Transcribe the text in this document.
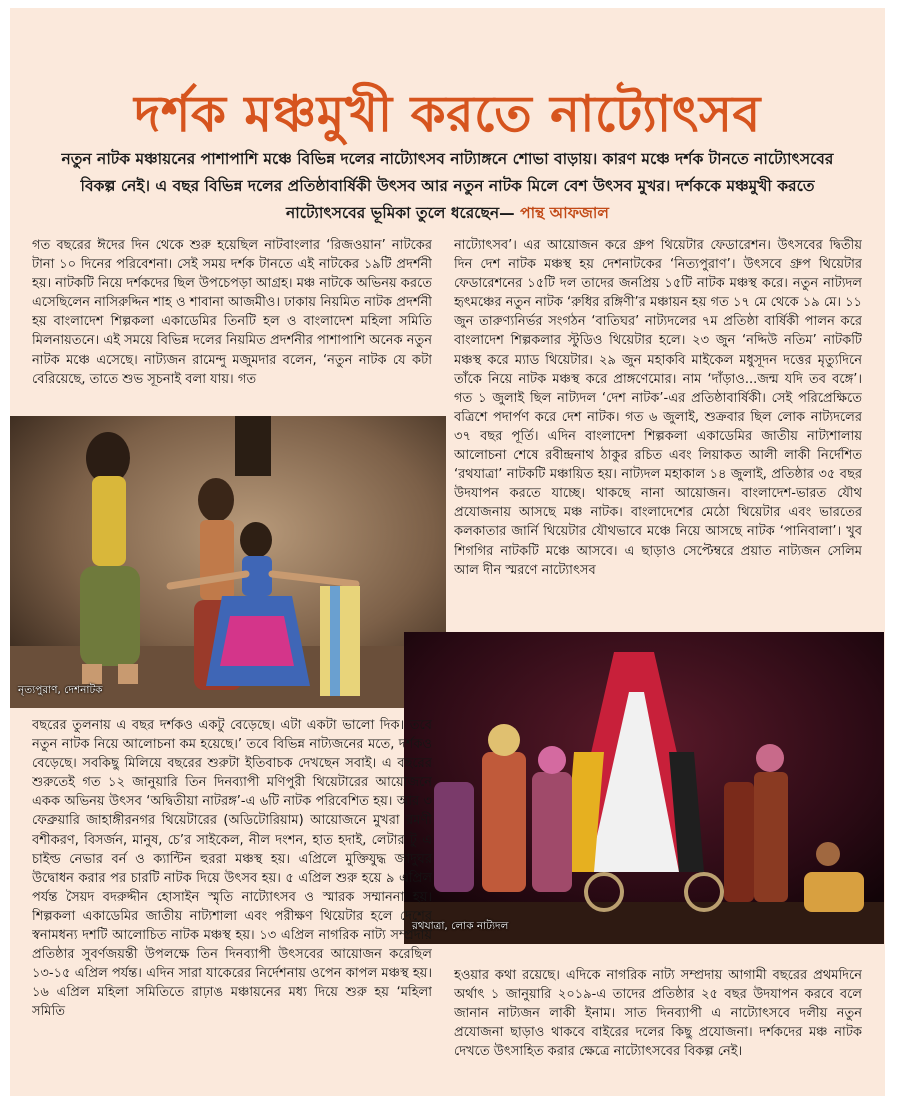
দর্শক মঞ্চমুখী করতে নাট্যোৎসব
নতুন নাটক মঞ্চায়নের পাশাপাশি মঞ্চে বিভিন্ন দলের নাট্যোৎসব নাট্যাঙ্গনে শোভা বাড়ায়। কারণ মঞ্চে দর্শক টানতে নাট্যোৎসবের বিকল্প নেই। এ বছর বিভিন্ন দলের প্রতিষ্ঠাবার্ষিকী উৎসব আর নতুন নাটক মিলে বেশ উৎসব মুখর। দর্শককে মঞ্চমুখী করতে নাট্যোৎসবের ভূমিকা তুলে ধরেছেন— পান্থ আফজাল

গত বছরের ঈদের দিন থেকে শুরু হয়েছিল নাটবাংলার ‘রিজওয়ান’ নাটকের টানা ১০ দিনের পরিবেশনা। সেই সময় দর্শক টানতে এই নাটকের ১৯টি প্রদর্শনী হয়। নাটকটি নিয়ে দর্শকদের ছিল উপচেপড়া আগ্রহ। মঞ্চ নাটকে অভিনয় করতে এসেছিলেন নাসিরুদ্দিন শাহ ও শাবানা আজমীও। ঢাকায় নিয়মিত নাটক প্রদর্শনী হয় বাংলাদেশ শিল্পকলা একাডেমির তিনটি হল ও বাংলাদেশ মহিলা সমিতি মিলনায়তনে। এই সময়ে বিভিন্ন দলের নিয়মিত প্রদর্শনীর পাশাপাশি অনেক নতুন নাটক মঞ্চে এসেছে। নাট্যজন রামেন্দু মজুমদার বলেন, ‘নতুন নাটক যে কটা বেরিয়েছে, তাতে শুভ সূচনাই বলা যায়। গত

নাট্যোৎসব’। এর আয়োজন করে গ্রুপ থিয়েটার ফেডারেশন। উৎসবের দ্বিতীয় দিন দেশ নাটক মঞ্চস্থ হয় দেশনাটকের ‘নিত্যপুরাণ’। উৎসবে গ্রুপ থিয়েটার ফেডারেশনের ১৫টি দল তাদের জনপ্রিয় ১৫টি নাটক মঞ্চস্থ করে। নতুন নাট্যদল হৃৎমঞ্চের নতুন নাটক ‘রুধির রঙ্গিণী’র মঞ্চায়ন হয় গত ১৭ মে থেকে ১৯ মে। ১১ জুন তারুণ্যনির্ভর সংগঠন ‘বাতিঘর’ নাট্যদলের ৭ম প্রতিষ্ঠা বার্ষিকী পালন করে বাংলাদেশ শিল্পকলার স্টুডিও থিয়েটার হলে। ২৩ জুন ‘নদ্দিউ নতিম’ নাটকটি মঞ্চস্থ করে ম্যাড থিয়েটার। ২৯ জুন মহাকবি মাইকেল মধুসূদন দত্তের মৃত্যুদিনে তাঁকে নিয়ে নাটক মঞ্চস্থ করে প্রাঙ্গণেমোর। নাম ‘দাঁড়াও...জন্ম যদি তব বঙ্গে’। গত ১ জুলাই ছিল নাট্যদল ‘দেশ নাটক’-এর প্রতিষ্ঠাবার্ষিকী। সেই পরিপ্রেক্ষিতে বত্রিশে পদার্পণ করে দেশ নাটক। গত ৬ জুলাই, শুক্রবার ছিল লোক নাট্যদলের ৩৭ বছর পূর্তি। এদিন বাংলাদেশ শিল্পকলা একাডেমির জাতীয় নাট্যশালায় আলোচনা শেষে রবীন্দ্রনাথ ঠাকুর রচিত এবং লিয়াকত আলী লাকী নির্দেশিত ‘রথযাত্রা’ নাটকটি মঞ্চায়িত হয়। নাট্যদল মহাকাল ১৪ জুলাই, প্রতিষ্ঠার ৩৫ বছর উদযাপন করতে যাচ্ছে। থাকছে নানা আয়োজন। বাংলাদেশ-ভারত যৌথ প্রযোজনায় আসছে মঞ্চ নাটক। বাংলাদেশের মেঠো থিয়েটার এবং ভারতের কলকাতার জার্নি থিয়েটার যৌথভাবে মঞ্চে নিয়ে আসছে নাটক ‘পানিবালা’। খুব শিগগির নাটকটি মঞ্চে আসবে। এ ছাড়াও সেপ্টেম্বরে প্রয়াত নাট্যজন সেলিম আল দীন স্মরণে নাট্যোৎসব

নৃত্যপুরাণ, দেশনাটক
রথযাত্রা, লোক নাট্যদল

বছরের তুলনায় এ বছর দর্শকও একটু বেড়েছে। এটা একটা ভালো দিক। তবে নতুন নাটক নিয়ে আলোচনা কম হয়েছে।’ তবে বিভিন্ন নাট্যজনের মতে, দর্শকও বেড়েছে। সবকিছু মিলিয়ে বছরের শুরুটা ইতিবাচক দেখছেন সবাই। এ বছরের শুরুতেই গত ১২ জানুয়ারি তিন দিনব্যাপী মণিপুরী থিয়েটারের আয়োজনে একক অভিনয় উৎসব ‘অদ্বিতীয়া নাটরঙ্গ’-এ ৬টি নাটক পরিবেশিত হয়। আর ৩ ফেব্রুয়ারি জাহাঙ্গীরনগর থিয়েটারের (অডিটোরিয়াম) আয়োজনে মুখরা রমণী বশীকরণ, বিসর্জন, মানুষ, চে’র সাইকেল, নীল দংশন, হাত হদাই, লেটার টু এ চাইল্ড নেভার বর্ন ও ক্যান্টিন হুররা মঞ্চস্থ হয়। এপ্রিলে মুক্তিযুদ্ধ জাদুঘর উদ্বোধন করার পর চারটি নাটক দিয়ে উৎসব হয়। ৫ এপ্রিল শুরু হয়ে ৯ এপ্রিল পর্যন্ত সৈয়দ বদরুদ্দীন হোসাইন স্মৃতি নাট্যোৎসব ও স্মারক সম্মাননা হয়। শিল্পকলা একাডেমির জাতীয় নাট্যশালা এবং পরীক্ষণ থিয়েটার হলে দেশের স্বনামধন্য দশটি আলোচিত নাটক মঞ্চস্থ হয়। ১৩ এপ্রিল নাগরিক নাট্য সম্প্রদায় প্রতিষ্ঠার সুবর্ণজয়ন্তী উপলক্ষে তিন দিনব্যাপী উৎসবের আয়োজন করেছিল ১৩-১৫ এপ্রিল পর্যন্ত। এদিন সারা যাকেরের নির্দেশনায় ওপেন কাপল মঞ্চস্থ হয়। ১৬ এপ্রিল মহিলা সমিতিতে রাঢ়াঙ মঞ্চায়নের মধ্য দিয়ে শুরু হয় ‘মহিলা সমিতি

হওয়ার কথা রয়েছে। এদিকে নাগরিক নাট্য সম্প্রদায় আগামী বছরের প্রথমদিনে অর্থাৎ ১ জানুয়ারি ২০১৯-এ তাদের প্রতিষ্ঠার ২৫ বছর উদযাপন করবে বলে জানান নাট্যজন লাকী ইনাম। সাত দিনব্যাপী এ নাট্যোৎসবে দলীয় নতুন প্রযোজনা ছাড়াও থাকবে বাইরের দলের কিছু প্রযোজনা। দর্শকদের মঞ্চ নাটক দেখতে উৎসাহিত করার ক্ষেত্রে নাট্যোৎসবের বিকল্প নেই।
